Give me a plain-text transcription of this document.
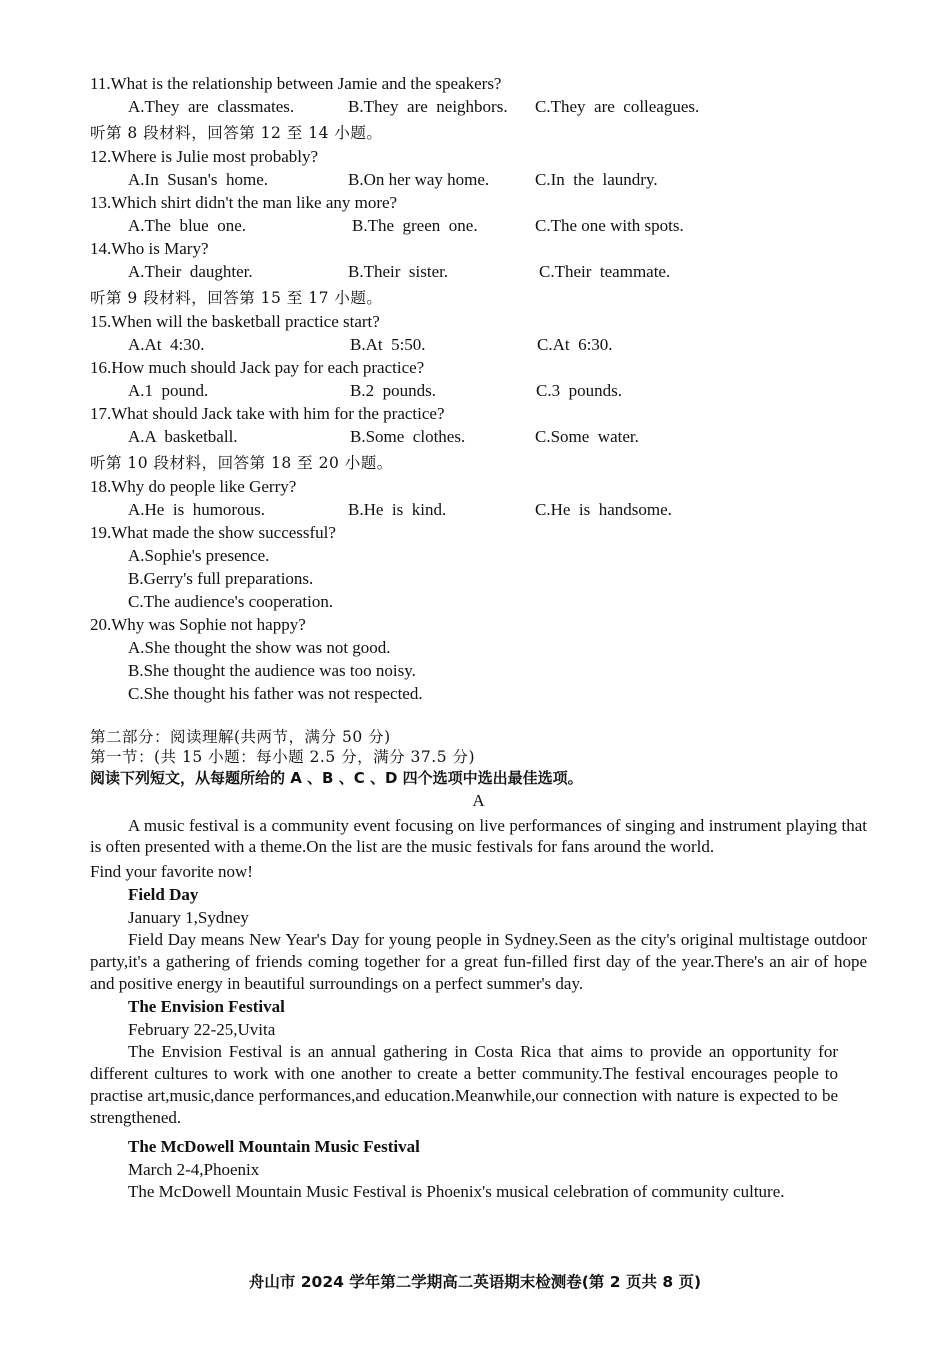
11.What is the relationship between Jamie and the speakers?

A.They  are  classmates.	B.They  are  neighbors.	C.They  are  colleagues.

听第 8 段材料，回答第 12 至 14 小题。

12.Where is Julie most probably?

A.In  Susan's  home.	B.On her way home.	C.In  the  laundry.

13.Which shirt didn't the man like any more?

A.The  blue  one.	B.The  green  one.	C.The one with spots.

14.Who is Mary?

A.Their  daughter.	B.Their  sister.	C.Their  teammate.

听第 9 段材料，回答第 15 至 17 小题。

15.When will the basketball practice start?

A.At  4:30.	B.At  5:50.	C.At  6:30.

16.How much should Jack pay for each practice?

A.1  pound.	B.2  pounds.	C.3  pounds.

17.What should Jack take with him for the practice?

A.A  basketball.	B.Some  clothes.	C.Some  water.

听第 10 段材料，回答第 18 至 20 小题。

18.Why do people like Gerry?

A.He  is  humorous.	B.He  is  kind.	C.He  is  handsome.

19.What made the show successful?

A.Sophie's presence.

B.Gerry's full preparations.

C.The audience's cooperation.

20.Why was Sophie not happy?

A.She thought the show was not good.

B.She thought the audience was too noisy.

C.She thought his father was not respected.

第二部分：阅读理解(共两节，满分 50 分)

第一节：(共 15 小题：每小题 2.5 分，满分 37.5 分)

阅读下列短文，从每题所给的 A 、B 、C 、D 四个选项中选出最佳选项。

A

A music festival is a community event focusing on live performances of singing and instrument playing that is often presented with a theme.On the list are the music festivals for fans around the world.

Find your favorite now!

Field Day

January 1,Sydney

Field Day means New Year's Day for young people in Sydney.Seen as the city's original multistage outdoor party,it's a gathering of friends coming together for a great fun-filled first day of the year.There's an air of hope and positive energy in beautiful surroundings on a perfect summer's day.

The Envision Festival

February 22-25,Uvita

The Envision Festival is an annual gathering in Costa Rica that aims to provide an opportunity for different cultures to work with one another to create a better community.The festival encourages people to practise art,music,dance performances,and education.Meanwhile,our connection with nature is expected to be strengthened.

The McDowell Mountain Music Festival

March 2-4,Phoenix

The McDowell Mountain Music Festival is Phoenix's musical celebration of community culture.

舟山市 2024 学年第二学期高二英语期末检测卷(第 2 页共 8 页)
